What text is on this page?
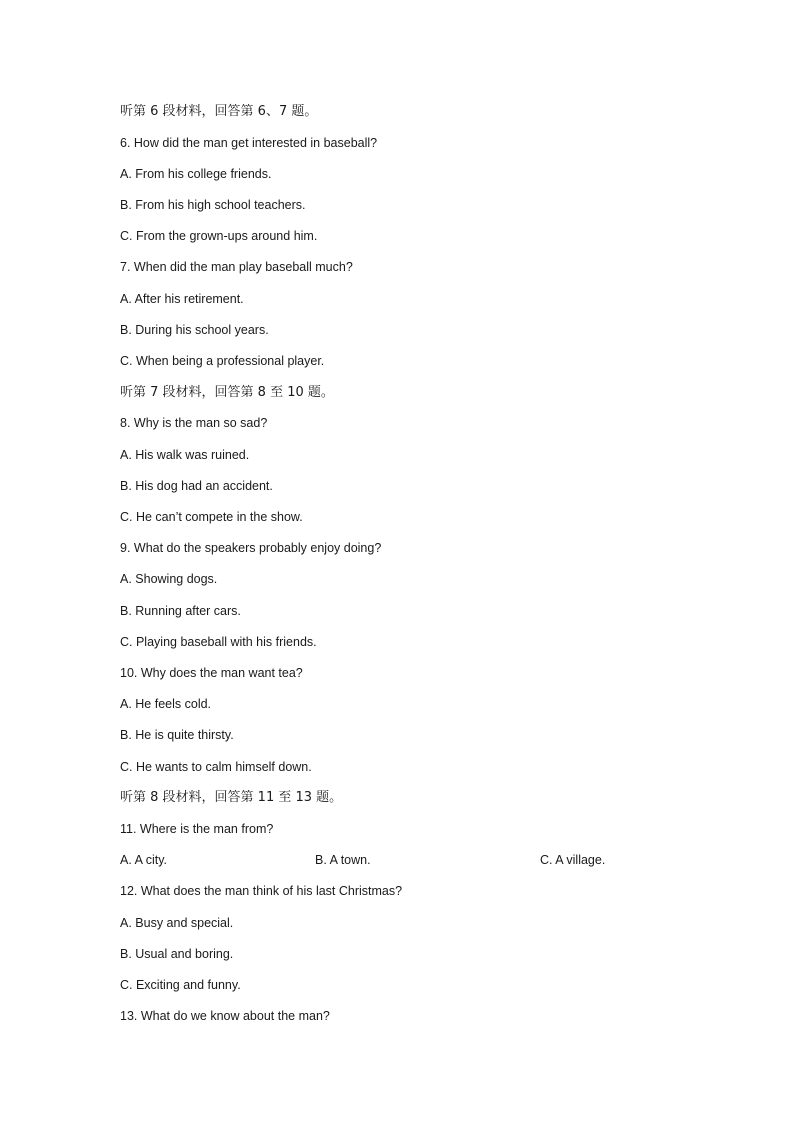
听第 6 段材料，回答第 6、7 题。
6. How did the man get interested in baseball?
A. From his college friends.
B. From his high school teachers.
C. From the grown-ups around him.
7. When did the man play baseball much?
A. After his retirement.
B. During his school years.
C. When being a professional player.
听第 7 段材料，回答第 8 至 10 题。
8. Why is the man so sad?
A. His walk was ruined.
B. His dog had an accident.
C. He can’t compete in the show.
9. What do the speakers probably enjoy doing?
A. Showing dogs.
B. Running after cars.
C. Playing baseball with his friends.
10. Why does the man want tea?
A. He feels cold.
B. He is quite thirsty.
C. He wants to calm himself down.
听第 8 段材料，回答第 11 至 13 题。
11. Where is the man from?
A. A city.	B. A town.	C. A village.
12. What does the man think of his last Christmas?
A. Busy and special.
B. Usual and boring.
C. Exciting and funny.
13. What do we know about the man?
